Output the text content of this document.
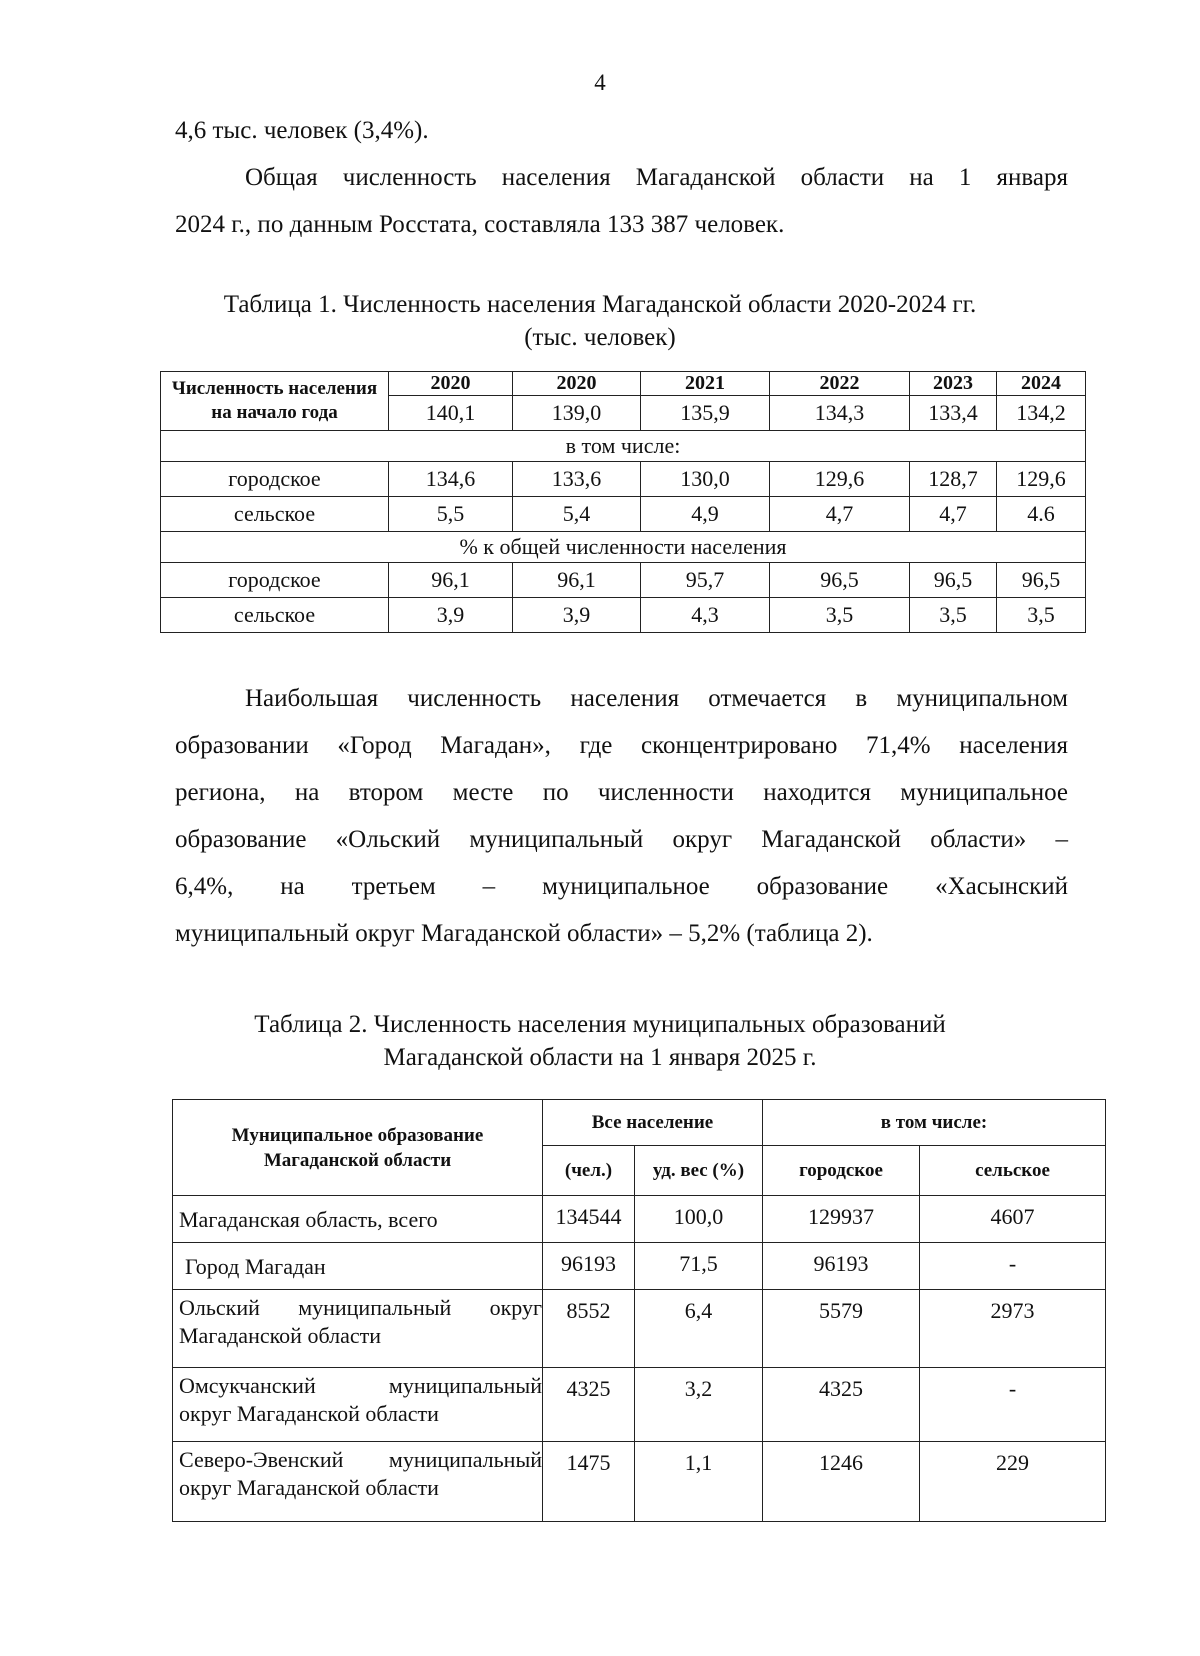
4

4,6 тыс. человек (3,4%).

Общая численность населения Магаданской области на 1 января
2024 г., по данным Росстата, составляла 133 387 человек.

Таблица 1. Численность населения Магаданской области 2020-2024 гг.
(тыс. человек)
Численность населения на начало года	2020	2020	2021	2022	2023	2024
	140,1	139,0	135,9	134,3	133,4	134,2
в том числе:						
городское	134,6	133,6	130,0	129,6	128,7	129,6
сельское	5,5	5,4	4,9	4,7	4,7	4.6
% к общей численности населения						
городское	96,1	96,1	95,7	96,5	96,5	96,5
сельское	3,9	3,9	4,3	3,5	3,5	3,5

Наибольшая численность населения отмечается в муниципальном
образовании «Город Магадан», где сконцентрировано 71,4% населения
региона, на втором месте по численности находится муниципальное
образование «Ольский муниципальный округ Магаданской области» –
6,4%, на третьем – муниципальное образование «Хасынский
муниципальный округ Магаданской области» – 5,2% (таблица 2).

Таблица 2. Численность населения муниципальных образований
Магаданской области на 1 января 2025 г.
Муниципальное образование Магаданской области	Все население		в том числе:	
	(чел.)	уд. вес (%)	городское	сельское
Магаданская область, всего	134544	100,0	129937	4607
Город Магадан	96193	71,5	96193	-

Ольский муниципальный округ
Магаданской области	8552	6,4	5579	2973

Омсукчанский муниципальный
округ Магаданской области	4325	3,2	4325	-

Северо-Эвенский муниципальный
округ Магаданской области	1475	1,1	1246	229
